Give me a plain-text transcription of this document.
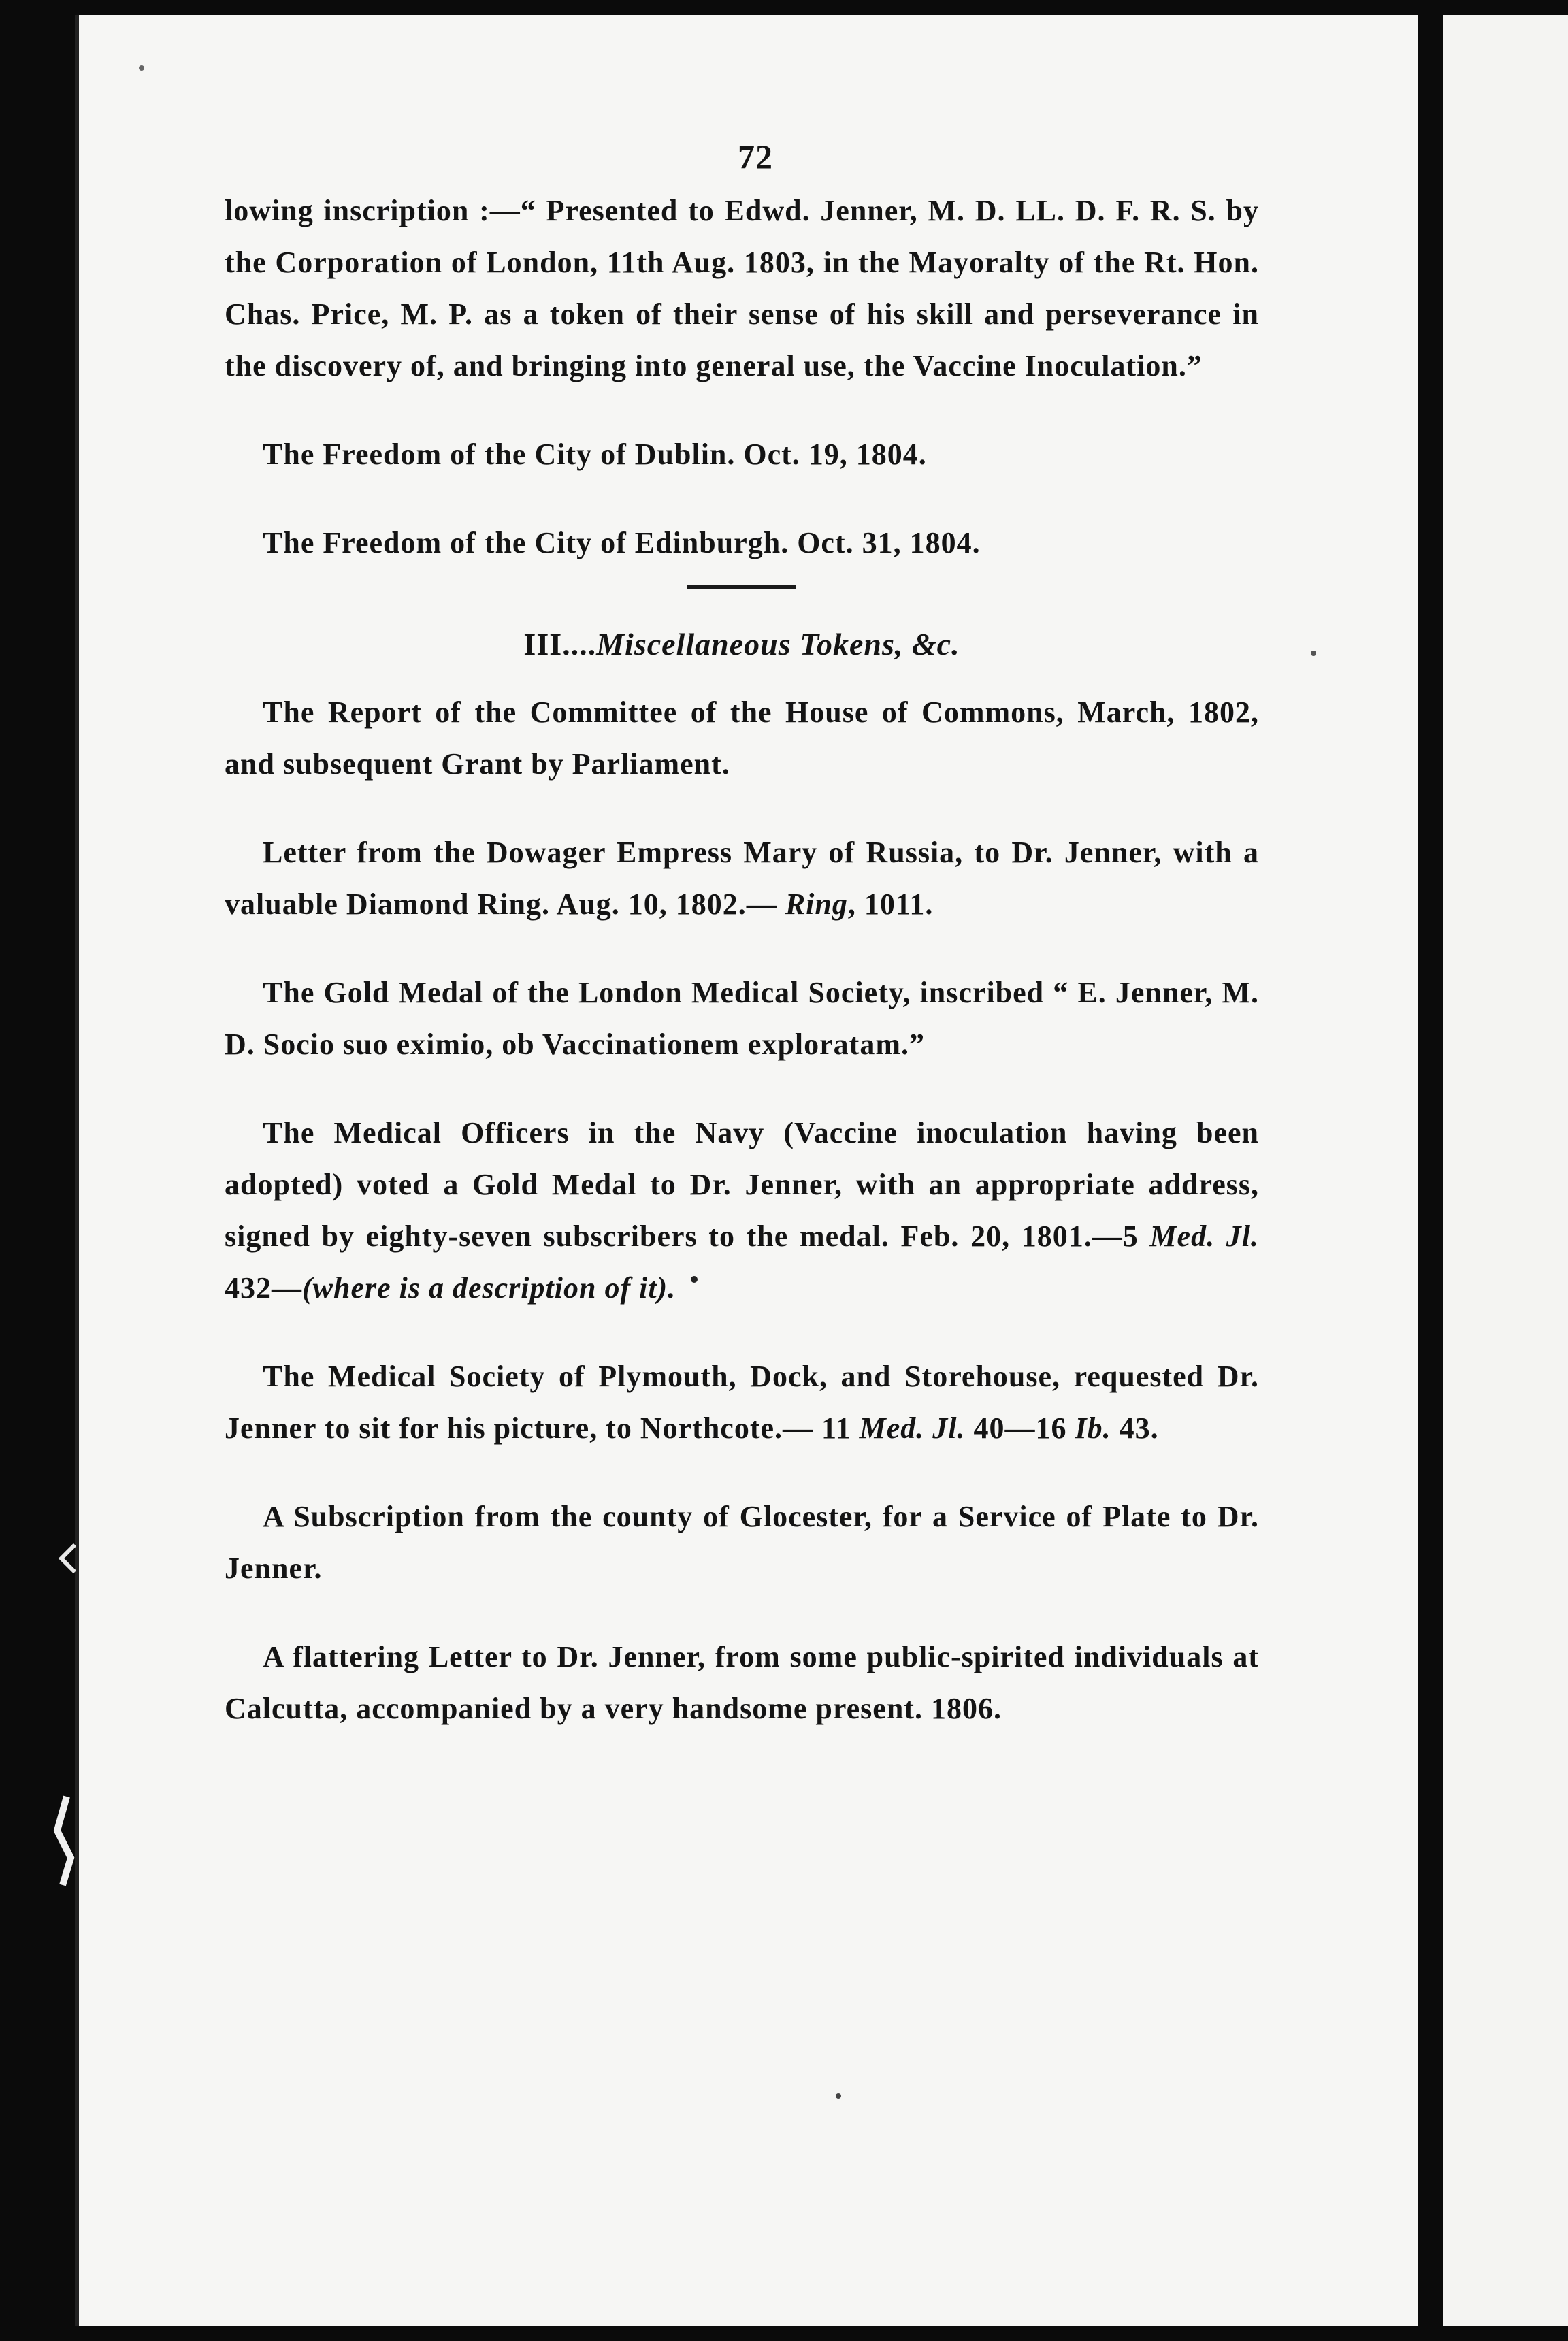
72

lowing inscription :—“ Presented to Edwd. Jenner, M. D. LL. D. F. R. S. by the Corporation of London, 11th Aug. 1803, in the Mayoralty of the Rt. Hon. Chas. Price, M. P. as a token of their sense of his skill and perseverance in the discovery of, and bringing into general use, the Vaccine Inoculation.”

The Freedom of the City of Dublin. Oct. 19, 1804.

The Freedom of the City of Edinburgh. Oct. 31, 1804.

III....Miscellaneous Tokens, &c.

The Report of the Committee of the House of Commons, March, 1802, and subsequent Grant by Parliament.

Letter from the Dowager Empress Mary of Russia, to Dr. Jenner, with a valuable Diamond Ring. Aug. 10, 1802.— Ring, 1011.

The Gold Medal of the London Medical Society, inscribed “ E. Jenner, M. D. Socio suo eximio, ob Vaccinationem exploratam.”

The Medical Officers in the Navy (Vaccine inoculation having been adopted) voted a Gold Medal to Dr. Jenner, with an appropriate address, signed by eighty-seven subscribers to the medal. Feb. 20, 1801.—5 Med. Jl. 432—(where is a description of it).

The Medical Society of Plymouth, Dock, and Storehouse, requested Dr. Jenner to sit for his picture, to Northcote.— 11 Med. Jl. 40—16 Ib. 43.

A Subscription from the county of Glocester, for a Service of Plate to Dr. Jenner.

A flattering Letter to Dr. Jenner, from some public-spirited individuals at Calcutta, accompanied by a very handsome present. 1806.
